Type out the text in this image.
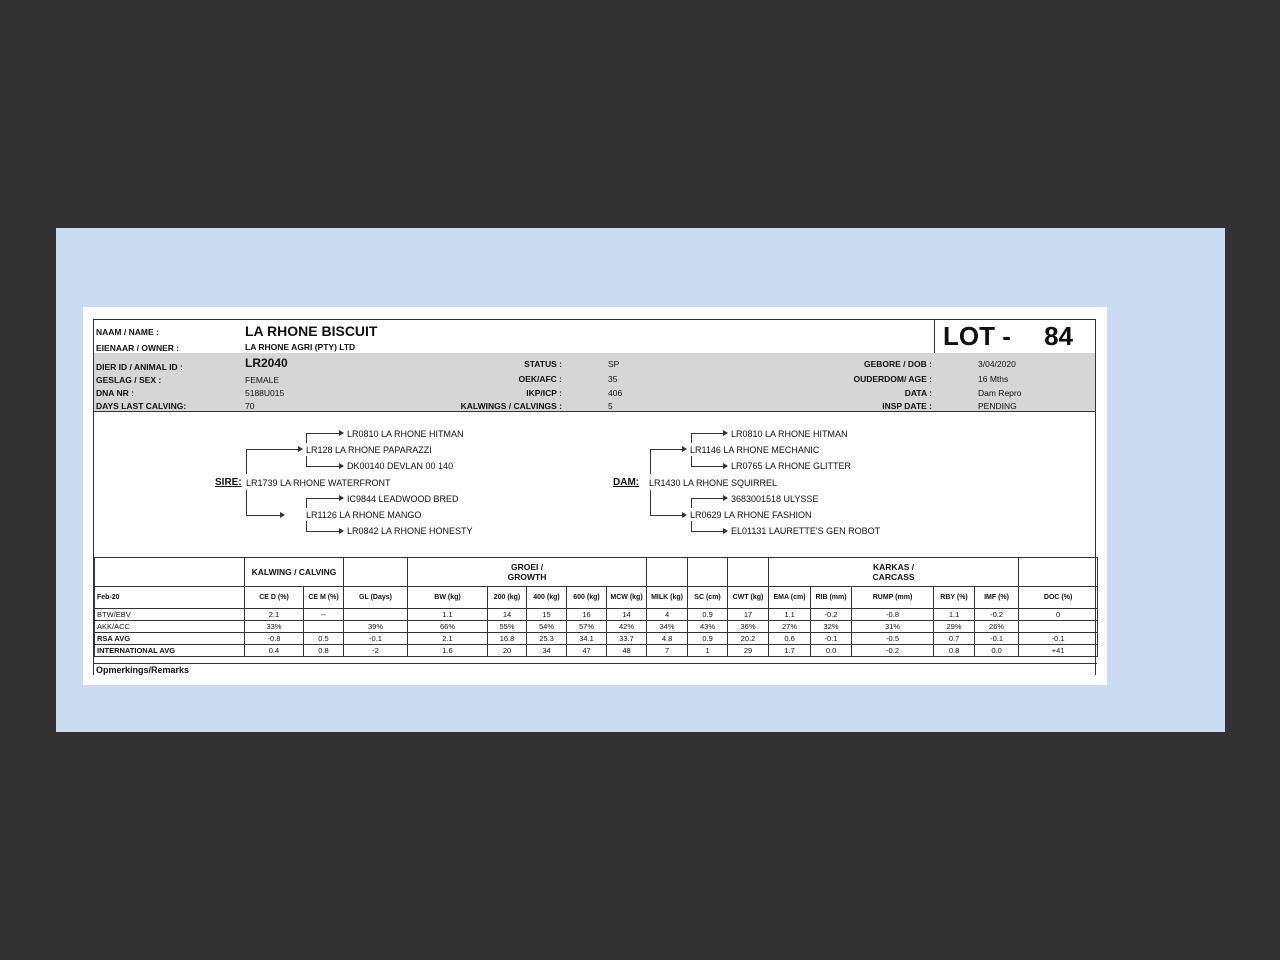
NAAM / NAME :	LA RHONE BISCUIT
EIENAAR / OWNER :	LA RHONE AGRI (PTY) LTD	LOT - 84
DIER ID / ANIMAL ID :	LR2040
GESLAG / SEX :	FEMALE
DNA NR :	5188U015
DAYS LAST CALVING:	70
STATUS :	SP
OEK/AFC :	35
IKP/ICP :	406
KALWINGS / CALVINGS :	5
GEBORE / DOB :	3/04/2020
OUDERDOM/ AGE :	16 Mths
DATA :	Dam Repro
INSP DATE :	PENDING
SIRE: LR1739 LA RHONE WATERFRONT
LR128 LA RHONE PAPARAZZI
LR0810 LA RHONE HITMAN
DK00140 DEVLAN 00 140
LR1126 LA RHONE MANGO
IC9844 LEADWOOD BRED
LR0842 LA RHONE HONESTY
DAM: LR1430 LA RHONE SQUIRREL
LR1146 LA RHONE MECHANIC
LR0810 LA RHONE HITMAN
LR0765 LA RHONE GLITTER
LR0629 LA RHONE FASHION
3683001518 ULYSSE
EL01131 LAURETTE'S GEN ROBOT
	KALWING / CALVING			GROEI /
GROWTH								KARKAS /
CARCASS					
Feb-20	CE D (%)	CE M (%)	GL (Days)	BW (kg)	200 (kg)	400 (kg)	600 (kg)	MCW (kg)	MILK (kg)	SC (cm)	CWT (kg)	EMA (cm)	RIB (mm)	RUMP (mm)	RBY (%)	IMF (%)	DOC (%)
BTW/EBV	2.1	--		1.1	14	15	16	14	4	0.9	17	1.1	-0.2	-0.8	1.1	-0.2	0
AKK/ACC	33%		39%	66%	55%	54%	57%	42%	34%	43%	36%	27%	32%	31%	29%	26%	
RSA AVG	-0.8	0.5	-0.1	2.1	16.8	25.3	34.1	33.7	4.8	0.9	20.2	0.6	-0.1	-0.5	0.7	-0.1	-0.1
INTERNATIONAL AVG	0.4	0.8	-2	1.6	20	34	47	48	7	1	29	1.7	0.0	-0.2	0.8	0.0	+41
Opmerkings/Remarks
